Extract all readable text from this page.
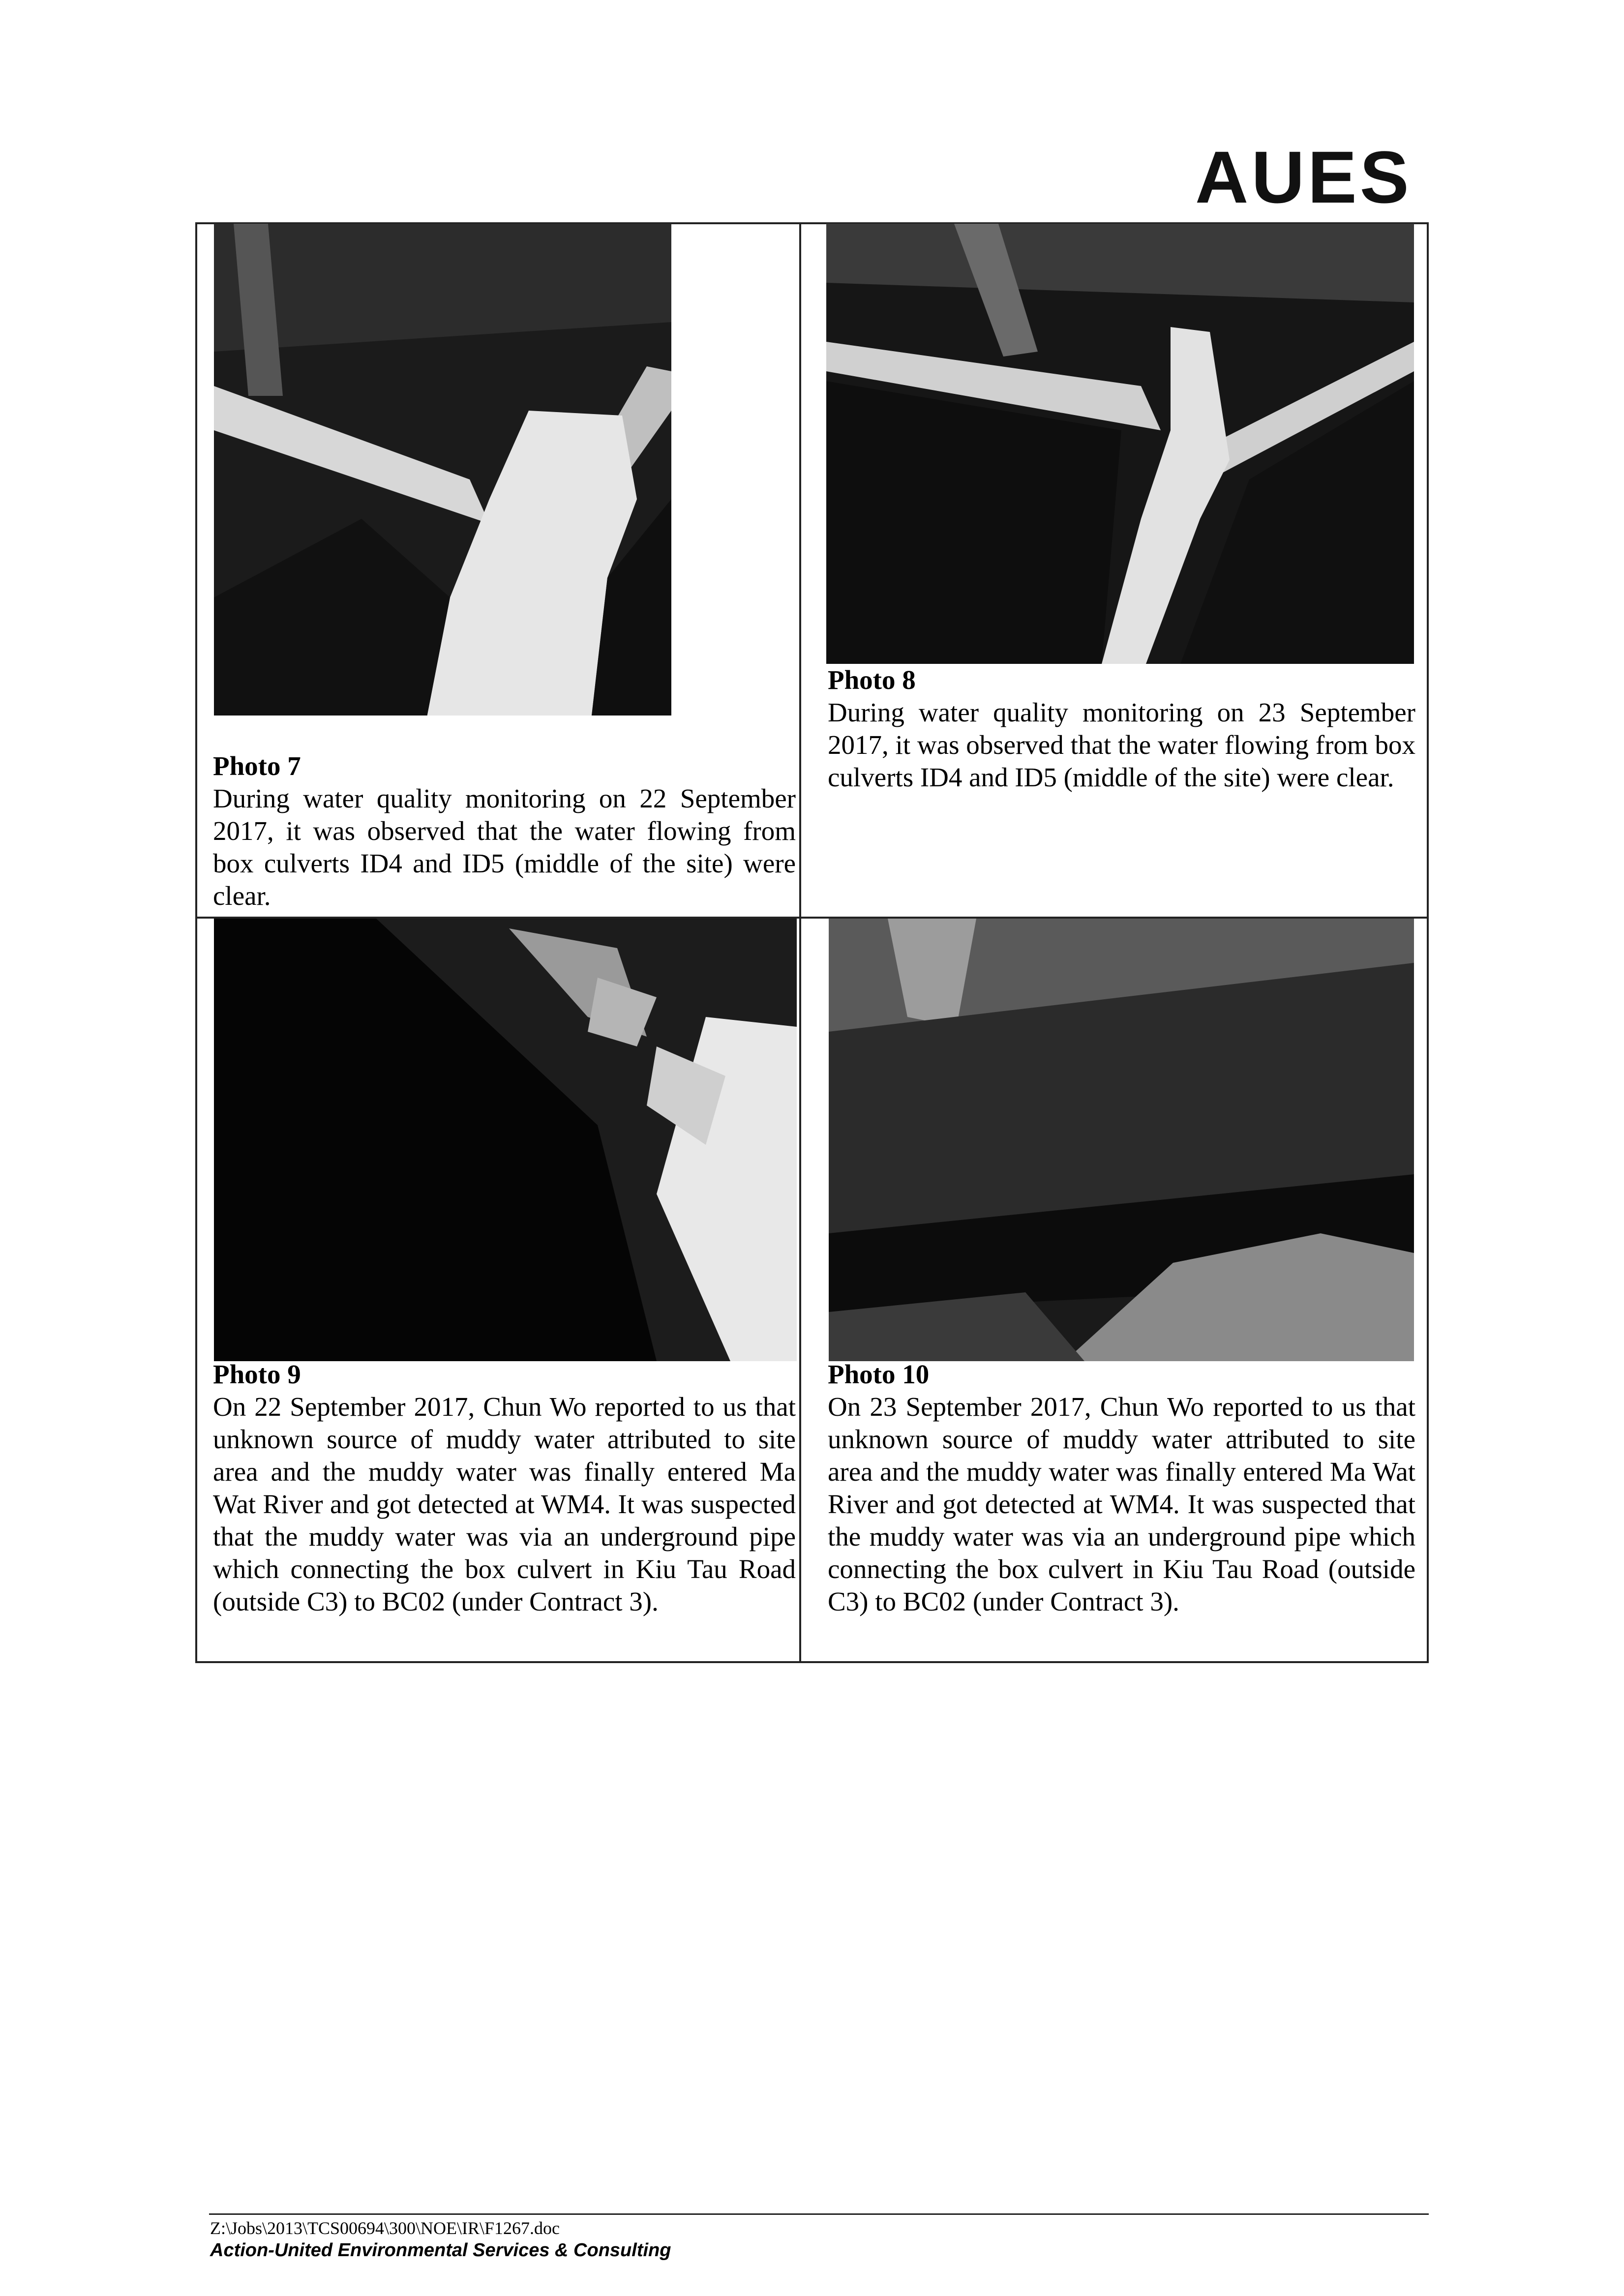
AUES
Photo 7
During water quality monitoring on 22 September 2017, it was observed that the water flowing from box culverts ID4 and ID5 (middle of the site) were clear.
Photo 8
During water quality monitoring on 23 September 2017, it was observed that the water flowing from box culverts ID4 and ID5 (middle of the site) were clear.
Photo 9
On 22 September 2017, Chun Wo reported to us that unknown source of muddy water attributed to site area and the muddy water was finally entered Ma Wat River and got detected at WM4. It was suspected that the muddy water was via an underground pipe which connecting the box culvert in Kiu Tau Road (outside C3) to BC02 (under Contract 3).
Photo 10
On 23 September 2017, Chun Wo reported to us that unknown source of muddy water attributed to site area and the muddy water was finally entered Ma Wat River and got detected at WM4. It was suspected that the muddy water was via an underground pipe which connecting the box culvert in Kiu Tau Road (outside C3) to BC02 (under Contract 3).
Z:\Jobs\2013\TCS00694\300\NOE\IR\F1267.doc
Action-United Environmental Services & Consulting
